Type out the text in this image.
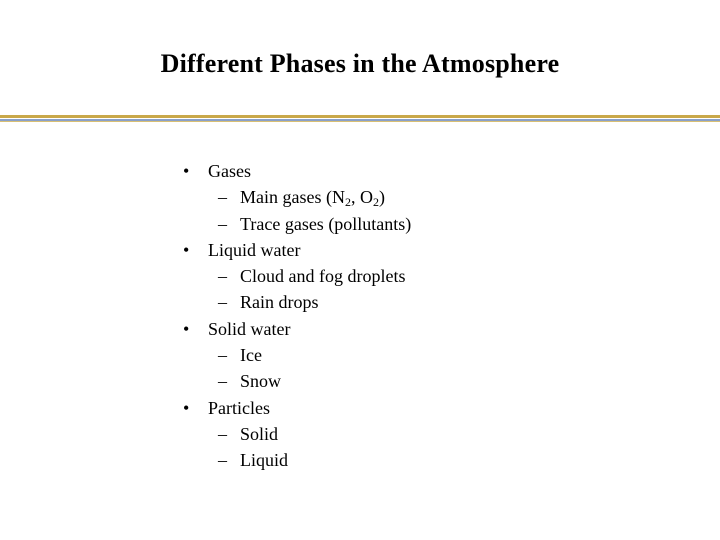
Different Phases in the Atmosphere
• Gases
– Main gases ($N_2$, $O_2$)
– Trace gases (pollutants)
• Liquid water
– Cloud and fog droplets
– Rain drops
• Solid water
– Ice
– Snow
• Particles
– Solid
– Liquid
